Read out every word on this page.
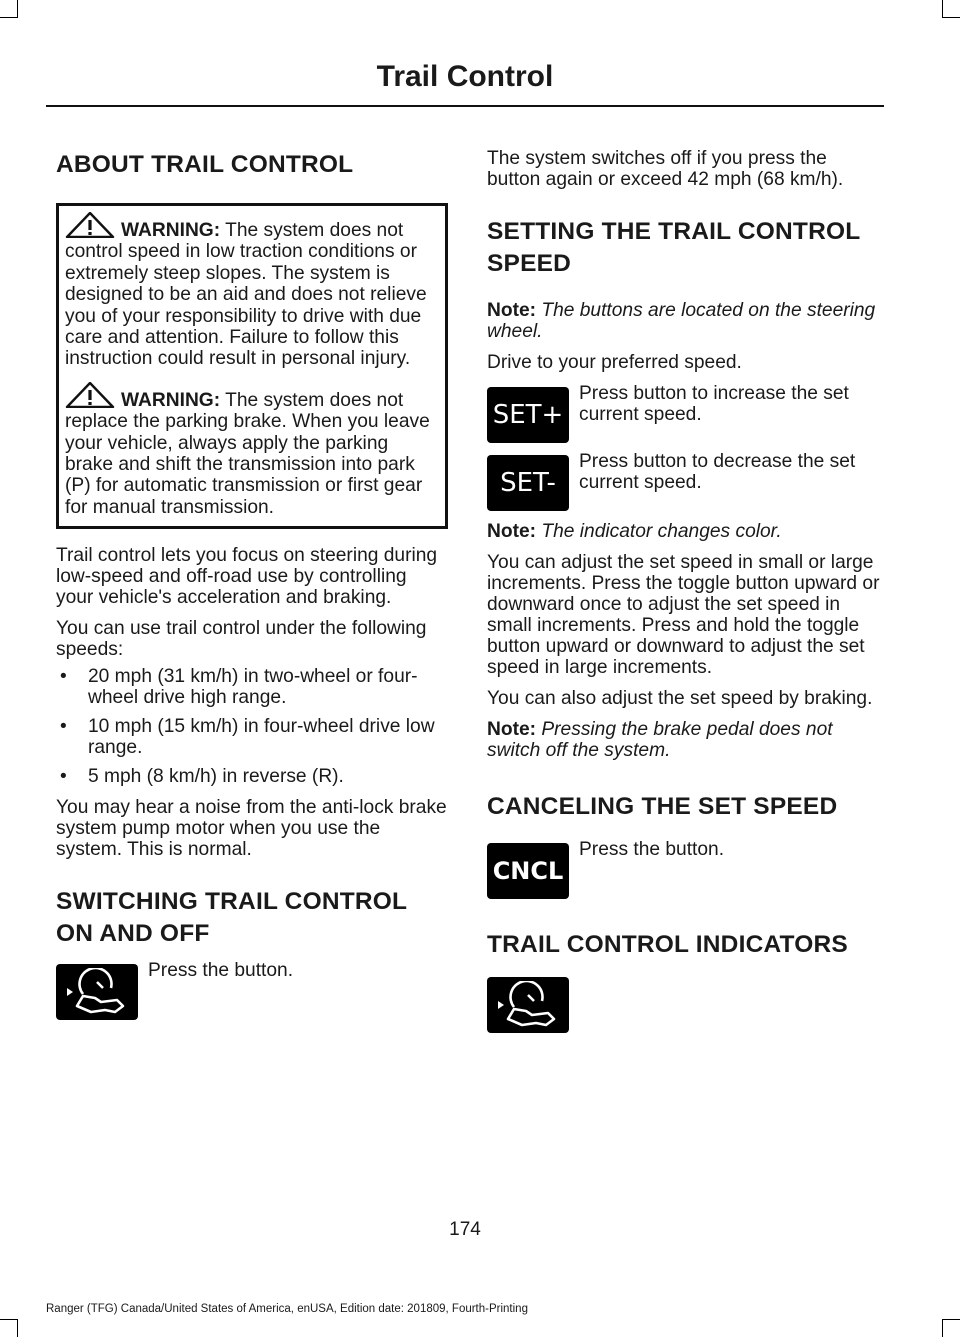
Trail Control
ABOUT TRAIL CONTROL

WARNING: The system does not control speed in low traction conditions or extremely steep slopes. The system is designed to be an aid and does not relieve you of your responsibility to drive with due care and attention. Failure to follow this instruction could result in personal injury.

WARNING: The system does not replace the parking brake. When you leave your vehicle, always apply the parking brake and shift the transmission into park (P) for automatic transmission or first gear for manual transmission.

Trail control lets you focus on steering during low-speed and off-road use by controlling your vehicle's acceleration and braking.

You can use trail control under the following speeds:

• 20 mph (31 km/h) in two-wheel or four-wheel drive high range.
• 10 mph (15 km/h) in four-wheel drive low range.
• 5 mph (8 km/h) in reverse (R).

You may hear a noise from the anti-lock brake system pump motor when you use the system. This is normal.

SWITCHING TRAIL CONTROL
ON AND OFF

Press the button.

The system switches off if you press the button again or exceed 42 mph (68 km/h).

SETTING THE TRAIL CONTROL
SPEED

Note: The buttons are located on the steering wheel.

Drive to your preferred speed.

SET+

Press button to increase the set current speed.

SET-

Press button to decrease the set current speed.

Note: The indicator changes color.

You can adjust the set speed in small or large increments. Press the toggle button upward or downward once to adjust the set speed in small increments. Press and hold the toggle button upward or downward to adjust the set speed in large increments.

You can also adjust the set speed by braking.

Note: Pressing the brake pedal does not switch off the system.

CANCELING THE SET SPEED
CNCL

Press the button.

TRAIL CONTROL INDICATORS
174
Ranger (TFG) Canada/United States of America, enUSA, Edition date: 201809, Fourth-Printing
